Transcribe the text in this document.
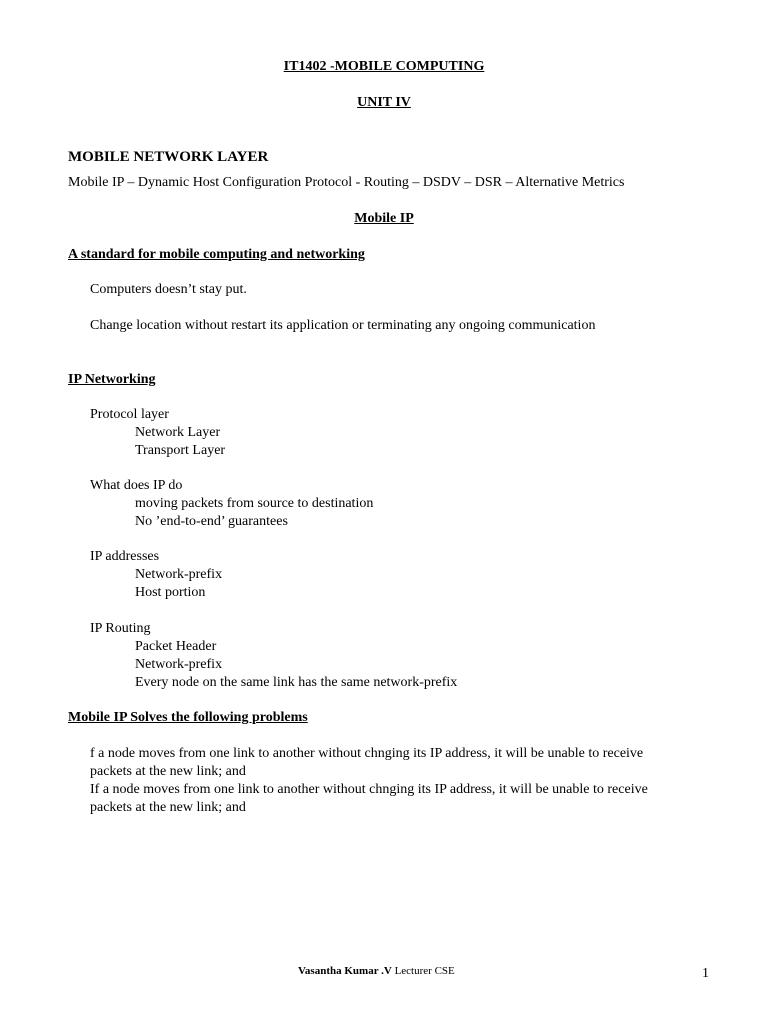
IT1402 -MOBILE COMPUTING
UNIT IV
MOBILE NETWORK LAYER
Mobile IP – Dynamic Host Configuration Protocol - Routing – DSDV – DSR – Alternative Metrics
Mobile IP
A standard for mobile computing and networking
Computers doesn’t stay put.
Change location without restart its application or terminating any ongoing communication
IP Networking
Protocol layer
Network Layer
Transport Layer
What does IP do
moving packets from source to destination
No ’end-to-end’ guarantees
IP addresses
Network-prefix
Host portion
IP Routing
Packet Header
Network-prefix
Every node on the same link has the same network-prefix
Mobile IP Solves the following problems
f a node moves from one link to another without chnging its IP address, it will be unable to receive
packets at the new link; and
If a node moves from one link to another without chnging its IP address, it will be unable to receive
packets at the new link; and
Vasantha Kumar .V Lecturer CSE	1
